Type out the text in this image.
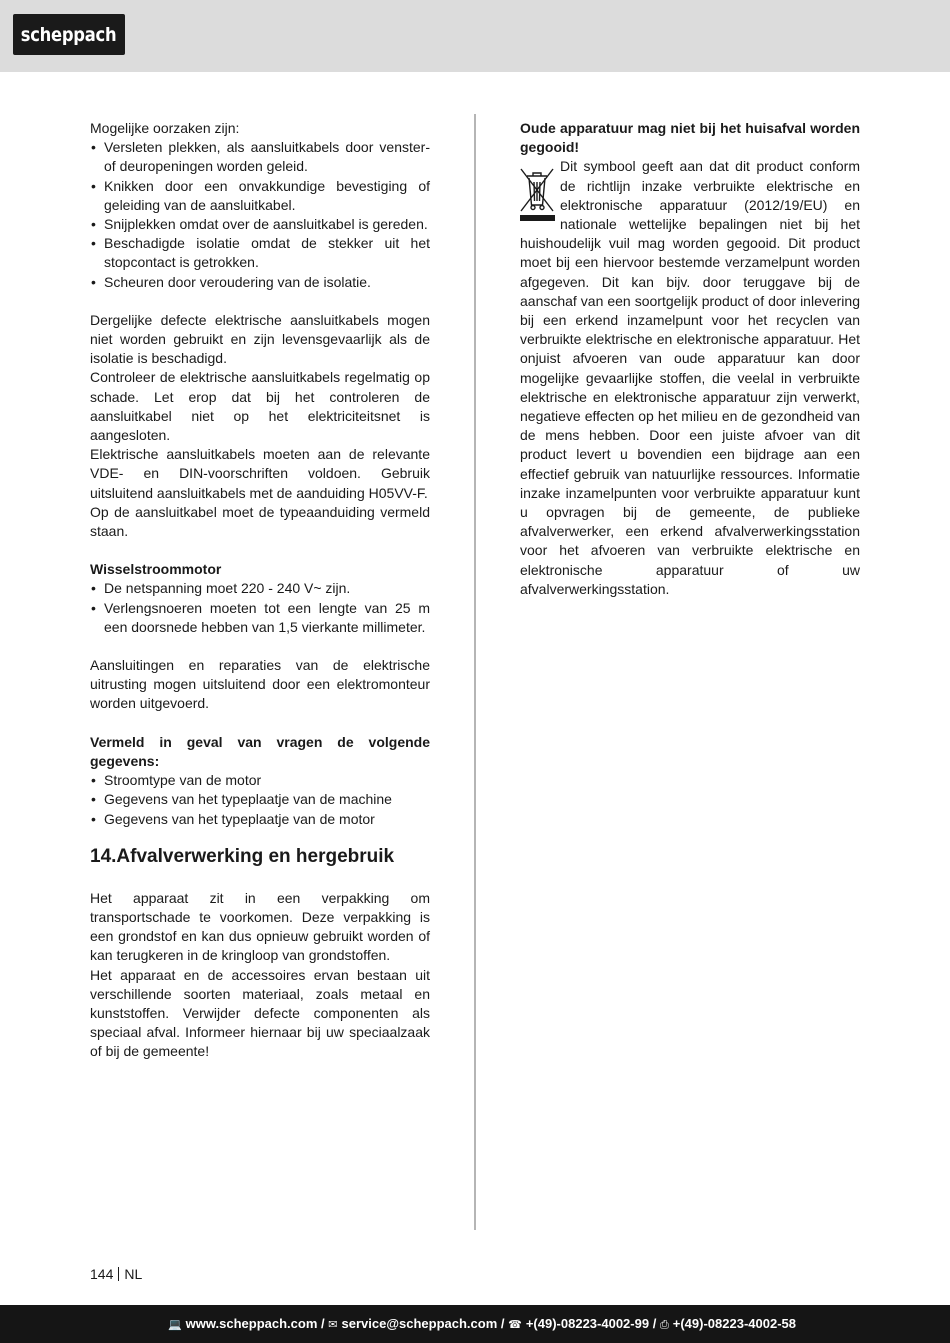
scheppach

Mogelijke oorzaken zijn:

• Versleten plekken, als aansluitkabels door venster- of deuropeningen worden geleid.
• Knikken door een onvakkundige bevestiging of geleiding van de aansluitkabel.
• Snijplekken omdat over de aansluitkabel is gereden.
• Beschadigde isolatie omdat de stekker uit het stopcontact is getrokken.
• Scheuren door veroudering van de isolatie.

Dergelijke defecte elektrische aansluitkabels mogen niet worden gebruikt en zijn levensgevaarlijk als de isolatie is beschadigd.

Controleer de elektrische aansluitkabels regelmatig op schade. Let erop dat bij het controleren de aansluitkabel niet op het elektriciteitsnet is aangesloten.

Elektrische aansluitkabels moeten aan de relevante VDE- en DIN-voorschriften voldoen. Gebruik uitsluitend aansluitkabels met de aanduiding H05VV-F.

Op de aansluitkabel moet de typeaanduiding vermeld staan.

Wisselstroommotor

• De netspanning moet 220 - 240 V~ zijn.
• Verlengsnoeren moeten tot een lengte van 25 m een doorsnede hebben van 1,5 vierkante millimeter.

Aansluitingen en reparaties van de elektrische uitrusting mogen uitsluitend door een elektromonteur worden uitgevoerd.

Vermeld in geval van vragen de volgende gegevens:

• Stroomtype van de motor
• Gegevens van het typeplaatje van de machine
• Gegevens van het typeplaatje van de motor
14.Afvalverwerking en hergebruik

Het apparaat zit in een verpakking om transportschade te voorkomen. Deze verpakking is een grondstof en kan dus opnieuw gebruikt worden of kan terugkeren in de kringloop van grondstoffen.

Het apparaat en de accessoires ervan bestaan uit verschillende soorten materiaal, zoals metaal en kunststoffen. Verwijder defecte componenten als speciaal afval. Informeer hiernaar bij uw speciaalzaak of bij de gemeente!

Oude apparatuur mag niet bij het huisafval worden gegooid!

Dit symbool geeft aan dat dit product conform de richtlijn inzake verbruikte elektrische en elektronische apparatuur (2012/19/EU) en nationale wettelijke bepalingen niet bij het huishoudelijk vuil mag worden gegooid. Dit product moet bij een hiervoor bestemde verzamelpunt worden afgegeven. Dit kan bijv. door teruggave bij de aanschaf van een soortgelijk product of door inlevering bij een erkend inzamelpunt voor het recyclen van verbruikte elektrische en elektronische apparatuur. Het onjuist afvoeren van oude apparatuur kan door mogelijke gevaarlijke stoffen, die veelal in verbruikte elektrische en elektronische apparatuur zijn verwerkt, negatieve effecten op het milieu en de gezondheid van de mens hebben. Door een juiste afvoer van dit product levert u bovendien een bijdrage aan een effectief gebruik van natuurlijke ressources. Informatie inzake inzamelpunten voor verbruikte apparatuur kunt u opvragen bij de gemeente, de publieke afvalverwerker, een erkend afvalverwerkingsstation voor het afvoeren van verbruikte elektrische en elektronische apparatuur of uw afvalverwerkingsstation.

144 NL
💻 www.scheppach.com / ✉ service@scheppach.com / ☎ +(49)-08223-4002-99 / ⎙ +(49)-08223-4002-58
